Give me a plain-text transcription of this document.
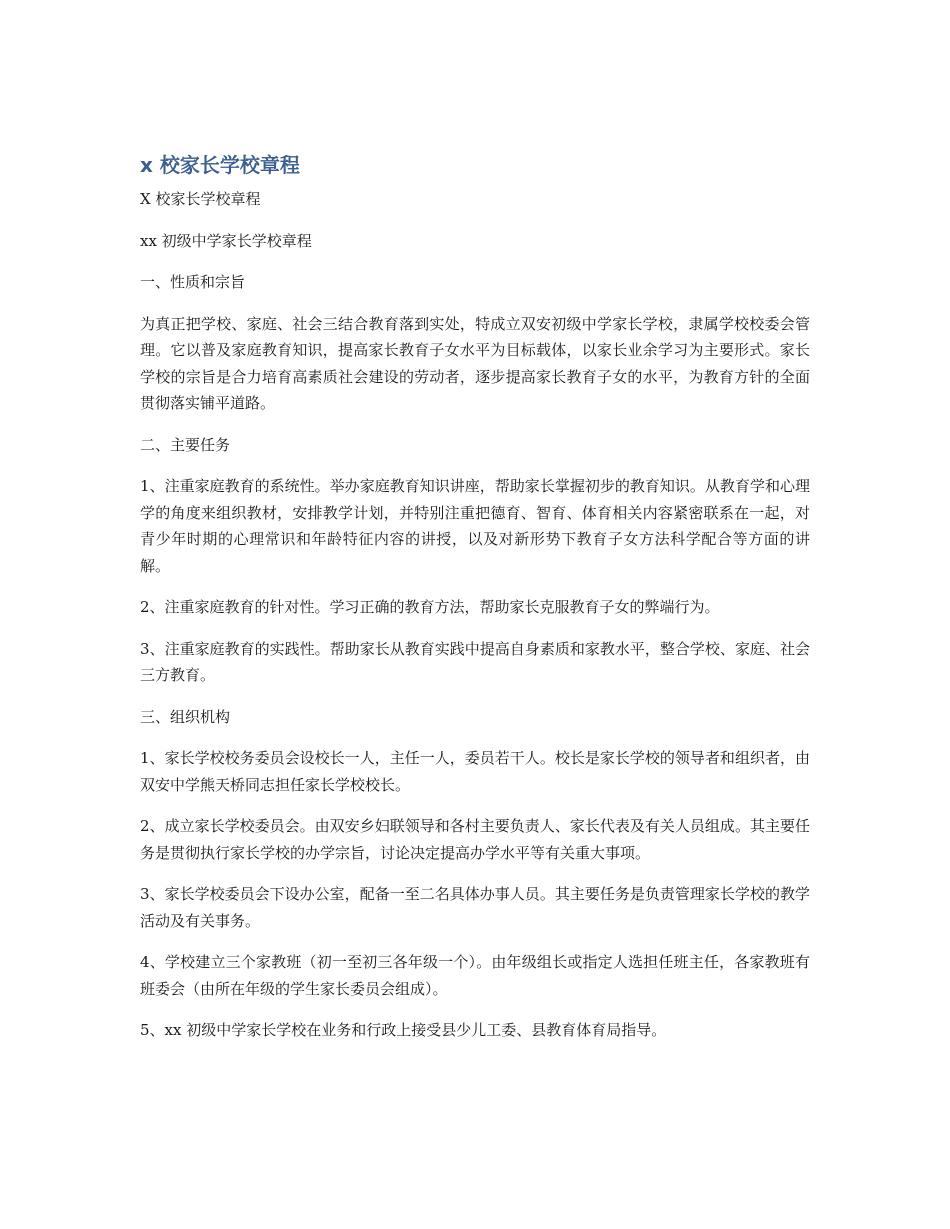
x 校家长学校章程

X 校家长学校章程

xx 初级中学家长学校章程

一、性质和宗旨

为真正把学校、家庭、社会三结合教育落到实处，特成立双安初级中学家长学校，隶属学校校委会管理。它以普及家庭教育知识，提高家长教育子女水平为目标载体，以家长业余学习为主要形式。家长学校的宗旨是合力培育高素质社会建设的劳动者，逐步提高家长教育子女的水平，为教育方针的全面贯彻落实铺平道路。

二、主要任务

1、注重家庭教育的系统性。举办家庭教育知识讲座，帮助家长掌握初步的教育知识。从教育学和心理学的角度来组织教材，安排教学计划，并特别注重把德育、智育、体育相关内容紧密联系在一起，对青少年时期的心理常识和年龄特征内容的讲授，以及对新形势下教育子女方法科学配合等方面的讲解。

2、注重家庭教育的针对性。学习正确的教育方法，帮助家长克服教育子女的弊端行为。

3、注重家庭教育的实践性。帮助家长从教育实践中提高自身素质和家教水平，整合学校、家庭、社会三方教育。

三、组织机构

1、家长学校校务委员会设校长一人，主任一人，委员若干人。校长是家长学校的领导者和组织者，由双安中学熊天桥同志担任家长学校校长。

2、成立家长学校委员会。由双安乡妇联领导和各村主要负责人、家长代表及有关人员组成。其主要任务是贯彻执行家长学校的办学宗旨，讨论决定提高办学水平等有关重大事项。

3、家长学校委员会下设办公室，配备一至二名具体办事人员。其主要任务是负责管理家长学校的教学活动及有关事务。

4、学校建立三个家教班（初一至初三各年级一个）。由年级组长或指定人选担任班主任，各家教班有班委会（由所在年级的学生家长委员会组成）。

5、xx 初级中学家长学校在业务和行政上接受县少儿工委、县教育体育局指导。
